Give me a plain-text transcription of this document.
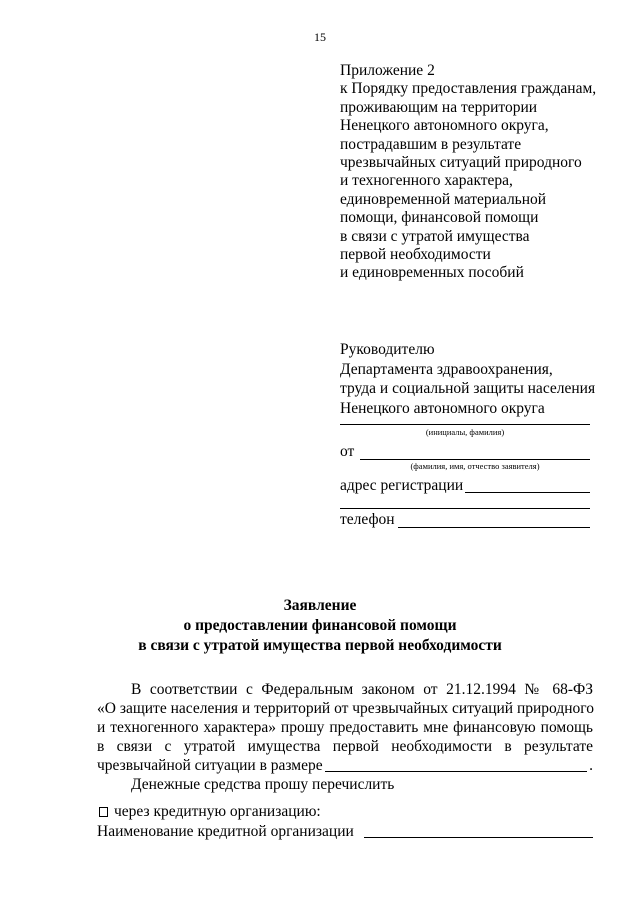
15
Приложение 2
к Порядку предоставления гражданам,
проживающим на территории
Ненецкого автономного округа,
пострадавшим в результате
чрезвычайных ситуаций природного
и техногенного характера,
единовременной материальной
помощи, финансовой помощи
в связи с утратой имущества
первой необходимости
и единовременных пособий
Руководителю
Департамента здравоохранения,
труда и социальной защиты населения
Ненецкого автономного округа
(инициалы, фамилия)
от
(фамилия, имя, отчество заявителя)
адрес регистрации
телефон
Заявление
о предоставлении финансовой помощи
в связи с утратой имущества первой необходимости
В соответствии с Федеральным законом от 21.12.1994 № 68-ФЗ
«О защите населения и территорий от чрезвычайных ситуаций природного
и техногенного характера» прошу предоставить мне финансовую помощь
в связи с утратой имущества первой необходимости в результате
чрезвычайной ситуации в размере	.
Денежные средства прошу перечислить
через кредитную организацию:
Наименование кредитной организации
